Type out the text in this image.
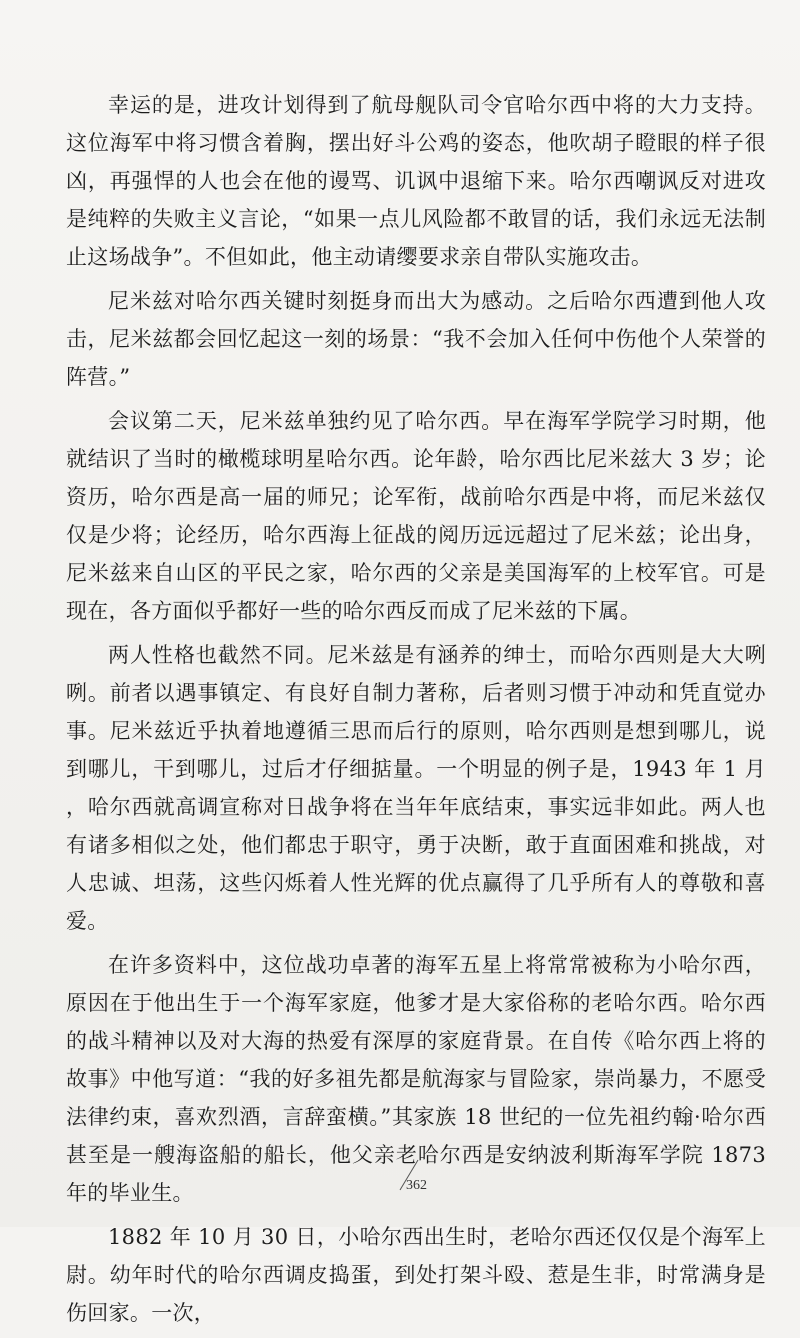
幸运的是，进攻计划得到了航母舰队司令官哈尔西中将的大力支持。这位海军中将习惯含着胸，摆出好斗公鸡的姿态，他吹胡子瞪眼的样子很凶，再强悍的人也会在他的谩骂、讥讽中退缩下来。哈尔西嘲讽反对进攻是纯粹的失败主义言论，“如果一点儿风险都不敢冒的话，我们永远无法制止这场战争”。不但如此，他主动请缨要求亲自带队实施攻击。

尼米兹对哈尔西关键时刻挺身而出大为感动。之后哈尔西遭到他人攻击，尼米兹都会回忆起这一刻的场景：“我不会加入任何中伤他个人荣誉的阵营。”

会议第二天，尼米兹单独约见了哈尔西。早在海军学院学习时期，他就结识了当时的橄榄球明星哈尔西。论年龄，哈尔西比尼米兹大 3 岁；论资历，哈尔西是高一届的师兄；论军衔，战前哈尔西是中将，而尼米兹仅仅是少将；论经历，哈尔西海上征战的阅历远远超过了尼米兹；论出身，尼米兹来自山区的平民之家，哈尔西的父亲是美国海军的上校军官。可是现在，各方面似乎都好一些的哈尔西反而成了尼米兹的下属。

两人性格也截然不同。尼米兹是有涵养的绅士，而哈尔西则是大大咧咧。前者以遇事镇定、有良好自制力著称，后者则习惯于冲动和凭直觉办事。尼米兹近乎执着地遵循三思而后行的原则，哈尔西则是想到哪儿，说到哪儿，干到哪儿，过后才仔细掂量。一个明显的例子是，1943 年 1 月，哈尔西就高调宣称对日战争将在当年年底结束，事实远非如此。两人也有诸多相似之处，他们都忠于职守，勇于决断，敢于直面困难和挑战，对人忠诚、坦荡，这些闪烁着人性光辉的优点赢得了几乎所有人的尊敬和喜爱。

在许多资料中，这位战功卓著的海军五星上将常常被称为小哈尔西，原因在于他出生于一个海军家庭，他爹才是大家俗称的老哈尔西。哈尔西的战斗精神以及对大海的热爱有深厚的家庭背景。在自传《哈尔西上将的故事》中他写道：“我的好多祖先都是航海家与冒险家，崇尚暴力，不愿受法律约束，喜欢烈酒，言辞蛮横。”其家族 18 世纪的一位先祖约翰·哈尔西甚至是一艘海盗船的船长，他父亲老哈尔西是安纳波利斯海军学院 1873 年的毕业生。

1882 年 10 月 30 日，小哈尔西出生时，老哈尔西还仅仅是个海军上尉。幼年时代的哈尔西调皮捣蛋，到处打架斗殴、惹是生非，时常满身是伤回家。一次，

362
